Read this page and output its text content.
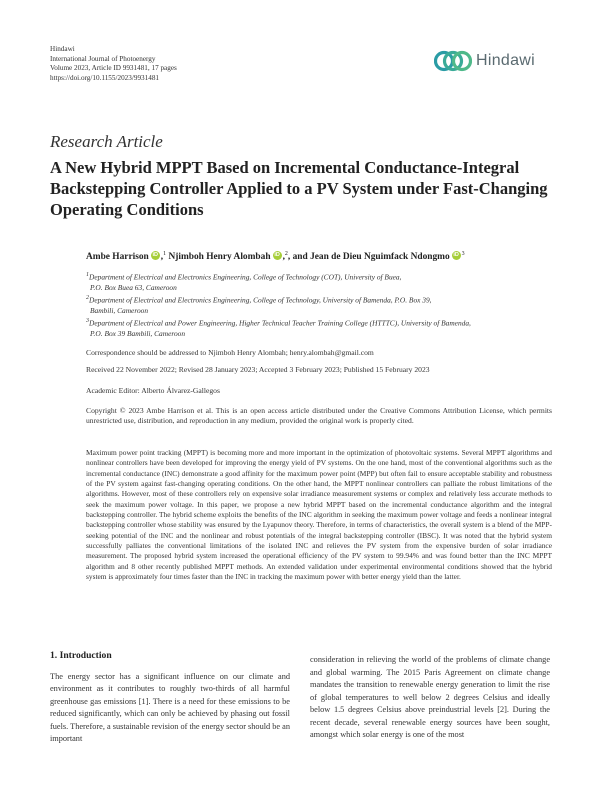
Hindawi
International Journal of Photoenergy
Volume 2023, Article ID 9931481, 17 pages
https://doi.org/10.1155/2023/9931481
Hindawi
Research Article
A New Hybrid MPPT Based on Incremental Conductance-Integral Backstepping Controller Applied to a PV System under Fast-Changing Operating Conditions
Ambe Harrison iD ,$^1$ Njimboh Henry Alombah iD ,$^2$, and Jean de Dieu Nguimfack Ndongmo iD $^3$
$^1$Department of Electrical and Electronics Engineering, College of Technology (COT), University of Buea,
P.O. Box Buea 63, Cameroon
$^2$Department of Electrical and Electronics Engineering, College of Technology, University of Bamenda, P.O. Box 39,
Bambili, Cameroon
$^3$Department of Electrical and Power Engineering, Higher Technical Teacher Training College (HTTTC), University of Bamenda,
P.O. Box 39 Bambili, Cameroon
Correspondence should be addressed to Njimboh Henry Alombah; henry.alombah@gmail.com
Received 22 November 2022; Revised 28 January 2023; Accepted 3 February 2023; Published 15 February 2023
Academic Editor: Alberto Álvarez-Gallegos
Copyright © 2023 Ambe Harrison et al. This is an open access article distributed under the Creative Commons Attribution License, which permits unrestricted use, distribution, and reproduction in any medium, provided the original work is properly cited.
Maximum power point tracking (MPPT) is becoming more and more important in the optimization of photovoltaic systems. Several MPPT algorithms and nonlinear controllers have been developed for improving the energy yield of PV systems. On the one hand, most of the conventional algorithms such as the incremental conductance (INC) demonstrate a good affinity for the maximum power point (MPP) but often fail to ensure acceptable stability and robustness of the PV system against fast-changing operating conditions. On the other hand, the MPPT nonlinear controllers can palliate the robust limitations of the algorithms. However, most of these controllers rely on expensive solar irradiance measurement systems or complex and relatively less accurate methods to seek the maximum power voltage. In this paper, we propose a new hybrid MPPT based on the incremental conductance algorithm and the integral backstepping controller. The hybrid scheme exploits the benefits of the INC algorithm in seeking the maximum power voltage and feeds a nonlinear integral backstepping controller whose stability was ensured by the Lyapunov theory. Therefore, in terms of characteristics, the overall system is a blend of the MPP-seeking potential of the INC and the nonlinear and robust potentials of the integral backstepping controller (IBSC). It was noted that the hybrid system successfully palliates the conventional limitations of the isolated INC and relieves the PV system from the expensive burden of solar irradiance measurement. The proposed hybrid system increased the operational efficiency of the PV system to 99.94% and was found better than the INC MPPT algorithm and 8 other recently published MPPT methods. An extended validation under experimental environmental conditions showed that the hybrid system is approximately four times faster than the INC in tracking the maximum power with better energy yield than the latter.
1. Introduction
The energy sector has a significant influence on our climate and environment as it contributes to roughly two-thirds of all harmful greenhouse gas emissions [1]. There is a need for these emissions to be reduced significantly, which can only be achieved by phasing out fossil fuels. Therefore, a sustainable revision of the energy sector should be an important
consideration in relieving the world of the problems of climate change and global warming. The 2015 Paris Agreement on climate change mandates the transition to renewable energy generation to limit the rise of global temperatures to well below 2 degrees Celsius and ideally below 1.5 degrees Celsius above preindustrial levels [2]. During the recent decade, several renewable energy sources have been sought, amongst which solar energy is one of the most
